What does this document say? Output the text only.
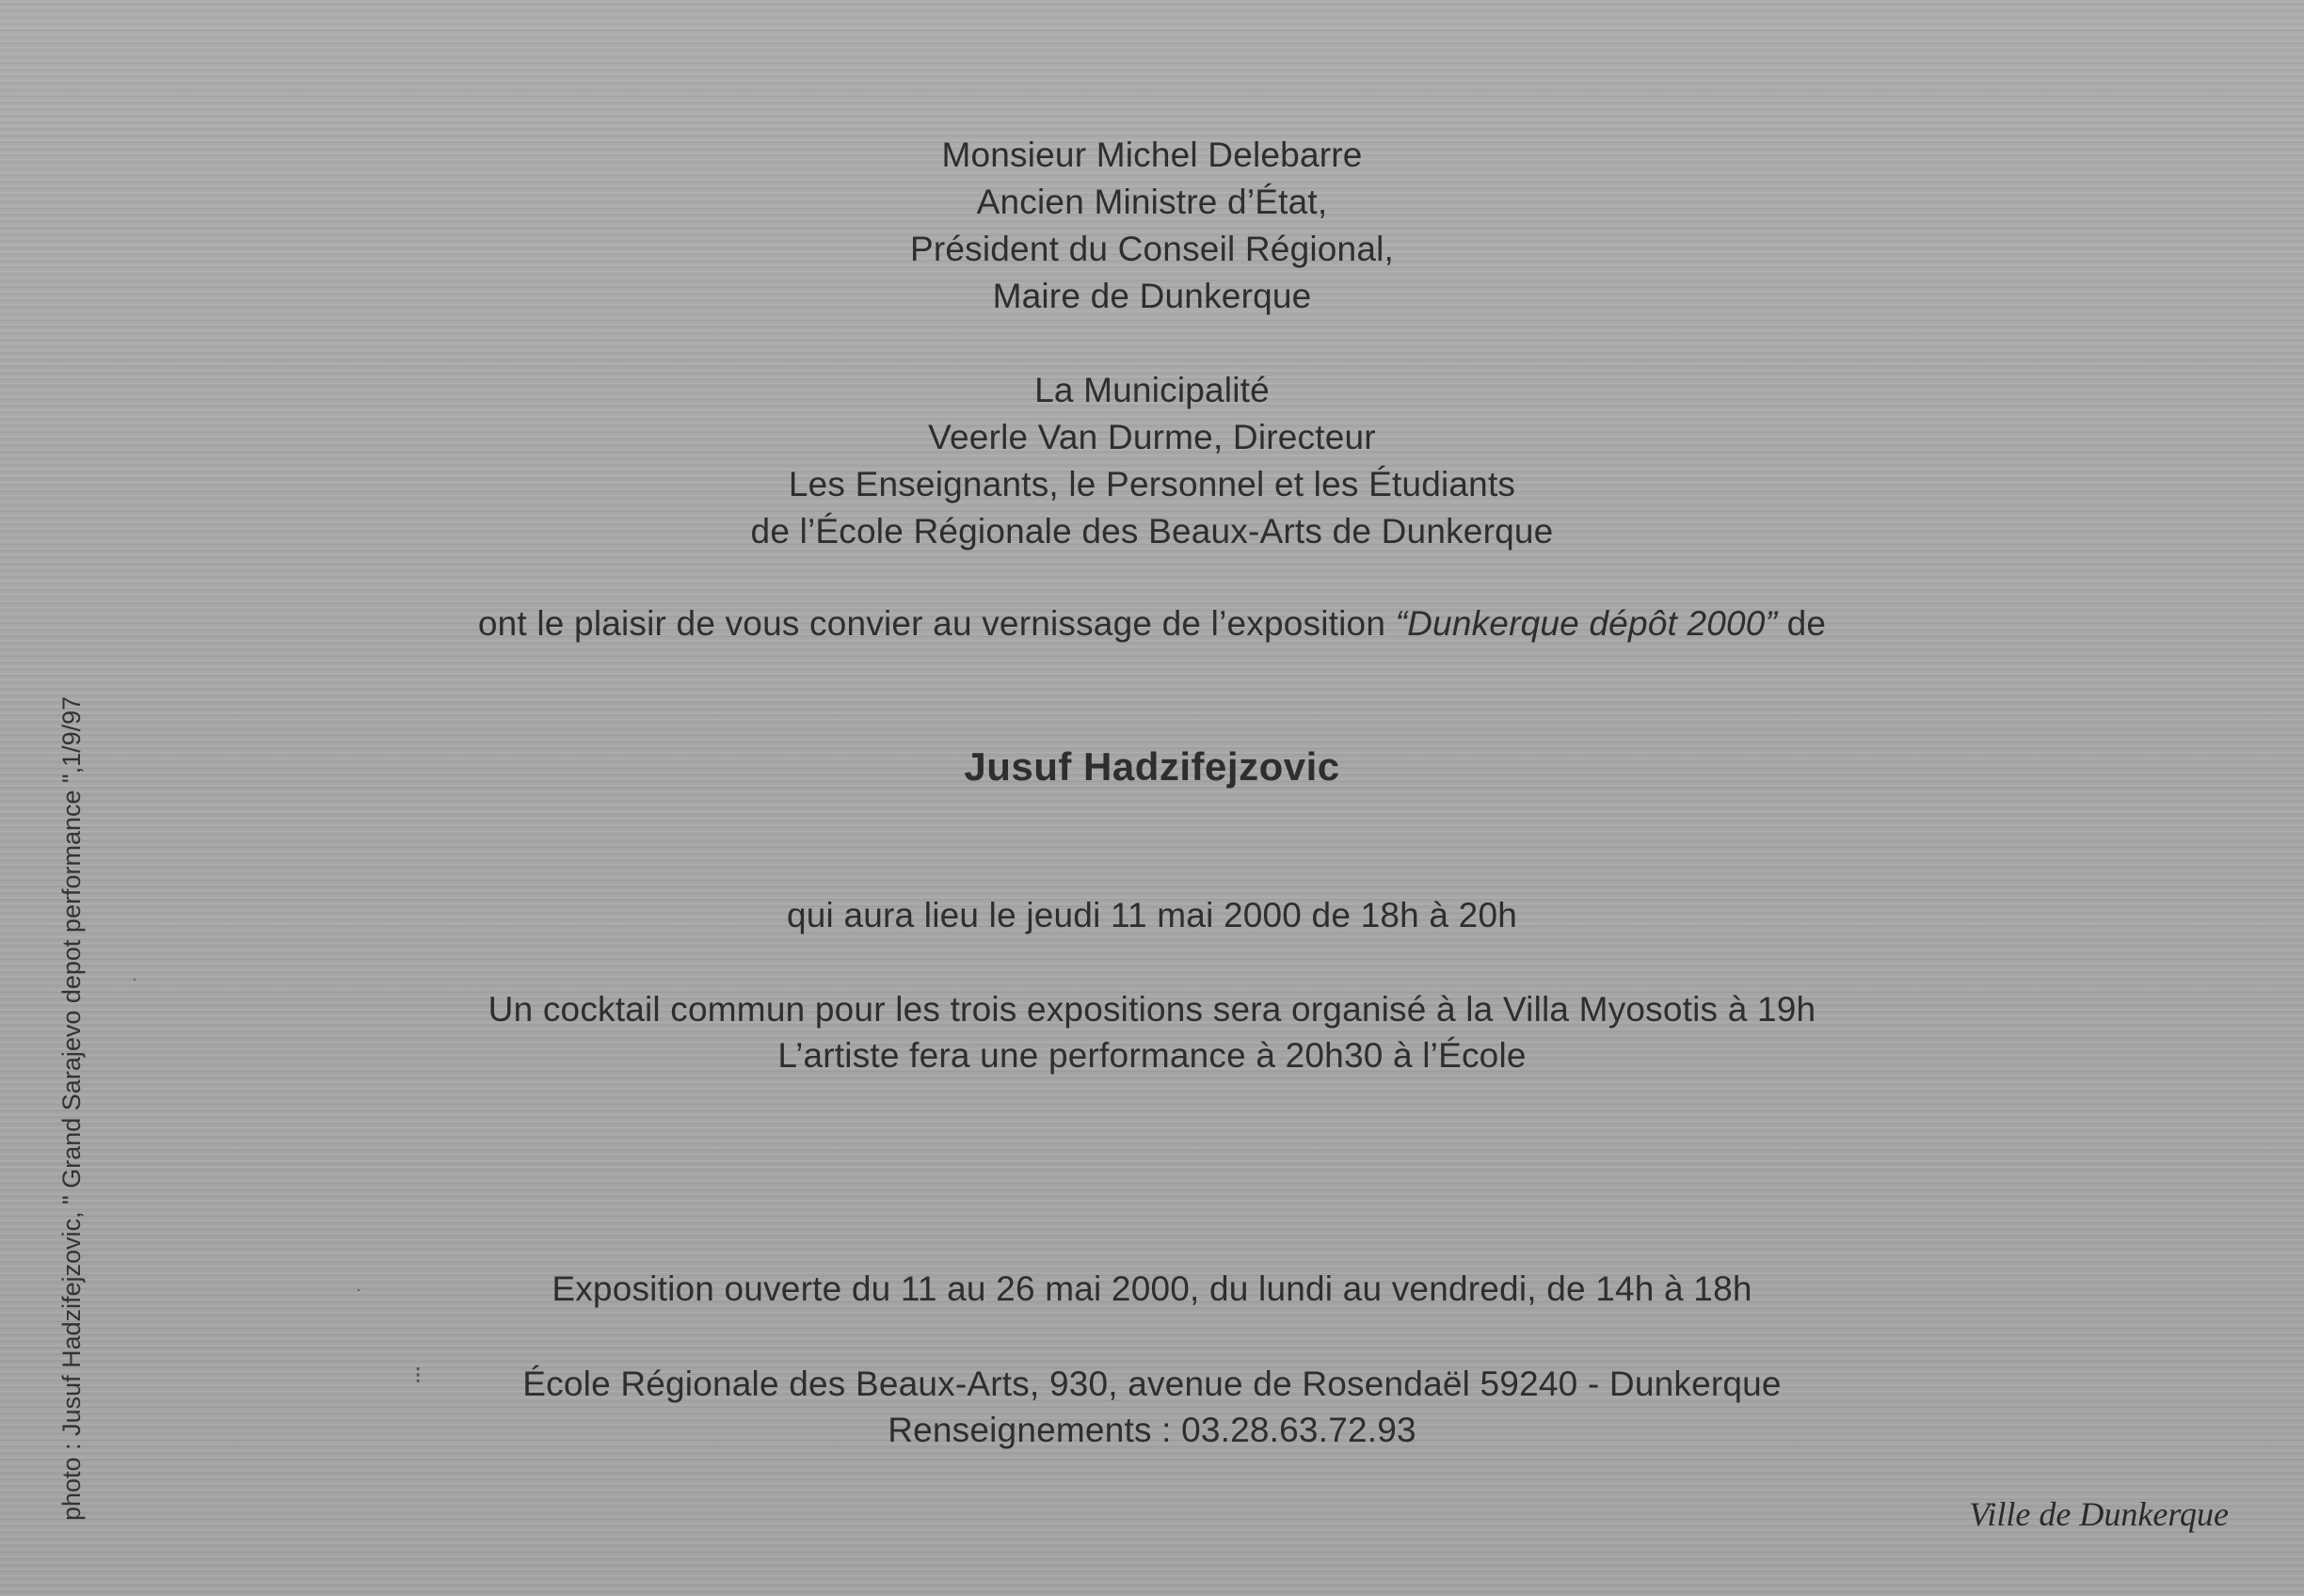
photo : Jusuf Hadzifejzovic, " Grand Sarajevo depot performance ",1/9/97
Monsieur Michel Delebarre
Ancien Ministre d’État,
Président du Conseil Régional,
Maire de Dunkerque
La Municipalité
Veerle Van Durme, Directeur
Les Enseignants, le Personnel et les Étudiants
de l’École Régionale des Beaux-Arts de Dunkerque
ont le plaisir de vous convier au vernissage de l’exposition “Dunkerque dépôt 2000” de
Jusuf Hadzifejzovic
qui aura lieu le jeudi 11 mai 2000 de 18h à 20h
Un cocktail commun pour les trois expositions sera organisé à la Villa Myosotis à 19h
L’artiste fera une performance à 20h30 à l’École
Exposition ouverte du 11 au 26 mai 2000, du lundi au vendredi, de 14h à 18h
École Régionale des Beaux-Arts, 930, avenue de Rosendaël 59240 - Dunkerque
Renseignements : 03.28.63.72.93
⁝
·
·
Ville de Dunkerque
